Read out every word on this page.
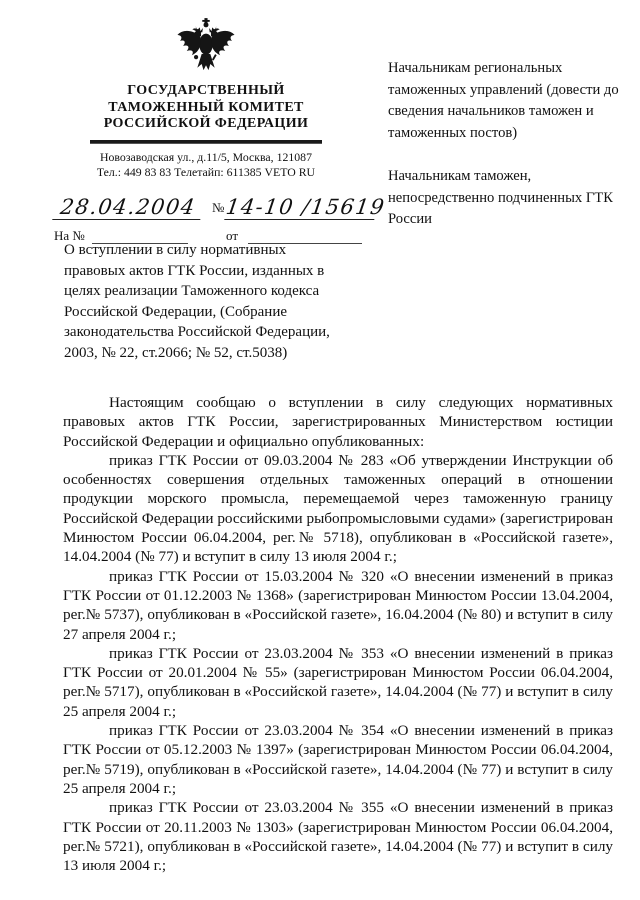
ГОСУДАРСТВЕННЫЙ
ТАМОЖЕННЫЙ КОМИТЕТ
РОССИЙСКОЙ ФЕДЕРАЦИИ
Новозаводская ул., д.11/5, Москва, 121087
Тел.: 449 83 83 Телетайп: 611385 VETO RU
28.04.2004	№ 14-10 /15619
На №	от
Начальникам региональных таможенных управлений (довести до сведения начальников таможен и таможенных постов)
Начальникам таможен, непосредственно подчиненных ГТК России
О вступлении в силу нормативных правовых актов ГТК России, изданных в целях реализации Таможенного кодекса Российской Федерации, (Собрание законодательства Российской Федерации, 2003, № 22, ст.2066; № 52, ст.5038)

Настоящим сообщаю о вступлении в силу следующих нормативных правовых актов ГТК России, зарегистрированных Министерством юстиции Российской Федерации и официально опубликованных:

приказ ГТК России от 09.03.2004 № 283 «Об утверждении Инструкции об особенностях совершения отдельных таможенных операций в отношении продукции морского промысла, перемещаемой через таможенную границу Российской Федерации российскими рыбопромысловыми судами» (зарегистрирован Минюстом России 06.04.2004, рег.№ 5718), опубликован в «Российской газете», 14.04.2004 (№ 77) и вступит в силу 13 июля 2004 г.;

приказ ГТК России от 15.03.2004 № 320 «О внесении изменений в приказ ГТК России от 01.12.2003 № 1368» (зарегистрирован Минюстом России 13.04.2004, рег.№ 5737), опубликован в «Российской газете», 16.04.2004 (№ 80) и вступит в силу 27 апреля 2004 г.;

приказ ГТК России от 23.03.2004 № 353 «О внесении изменений в приказ ГТК России от 20.01.2004 № 55» (зарегистрирован Минюстом России 06.04.2004, рег.№ 5717), опубликован в «Российской газете», 14.04.2004 (№ 77) и вступит в силу 25 апреля 2004 г.;

приказ ГТК России от 23.03.2004 № 354 «О внесении изменений в приказ ГТК России от 05.12.2003 № 1397» (зарегистрирован Минюстом России 06.04.2004, рег.№ 5719), опубликован в «Российской газете», 14.04.2004 (№ 77) и вступит в силу 25 апреля 2004 г.;

приказ ГТК России от 23.03.2004 № 355 «О внесении изменений в приказ ГТК России от 20.11.2003 № 1303» (зарегистрирован Минюстом России 06.04.2004, рег.№ 5721), опубликован в «Российской газете», 14.04.2004 (№ 77) и вступит в силу 13 июля 2004 г.;
